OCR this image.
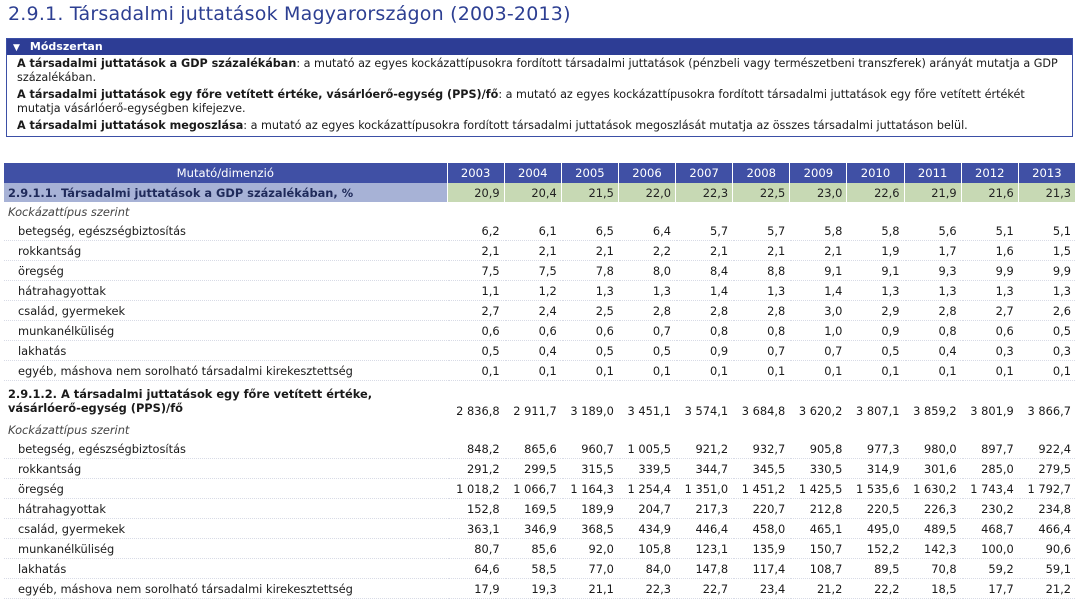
2.9.1. Társadalmi juttatások Magyarországon (2003-2013)
▼ Módszertan

A társadalmi juttatások a GDP százalékában: a mutató az egyes kockázattípusokra fordított társadalmi juttatások (pénzbeli vagy természetbeni transzferek) arányát mutatja a GDP százalékában.

A társadalmi juttatások egy főre vetített értéke, vásárlóerő-egység (PPS)/fő: a mutató az egyes kockázattípusokra fordított társadalmi juttatások egy főre vetített értékét mutatja vásárlóerő-egységben kifejezve.

A társadalmi juttatások megoszlása: a mutató az egyes kockázattípusokra fordított társadalmi juttatások megoszlását mutatja az összes társadalmi juttatáson belül.

Mutató/dimenzió	2003	2004	2005	2006	2007	2008	2009	2010	2011	2012	2013
2.9.1.1. Társadalmi juttatások a GDP százalékában, %	20,9	20,4	21,5	22,0	22,3	22,5	23,0	22,6	21,9	21,6	21,3
Kockázattípus szerint											
betegség, egészségbiztosítás	6,2	6,1	6,5	6,4	5,7	5,7	5,8	5,8	5,6	5,1	5,1
rokkantság	2,1	2,1	2,1	2,2	2,1	2,1	2,1	1,9	1,7	1,6	1,5
öregség	7,5	7,5	7,8	8,0	8,4	8,8	9,1	9,1	9,3	9,9	9,9
hátrahagyottak	1,1	1,2	1,3	1,3	1,4	1,3	1,4	1,3	1,3	1,3	1,3
család, gyermekek	2,7	2,4	2,5	2,8	2,8	2,8	3,0	2,9	2,8	2,7	2,6
munkanélküliség	0,6	0,6	0,6	0,7	0,8	0,8	1,0	0,9	0,8	0,6	0,5
lakhatás	0,5	0,4	0,5	0,5	0,9	0,7	0,7	0,5	0,4	0,3	0,3
egyéb, máshova nem sorolható társadalmi kirekesztettség	0,1	0,1	0,1	0,1	0,1	0,1	0,1	0,1	0,1	0,1	0,1
2.9.1.2. A társadalmi juttatások egy főre vetített értéke, vásárlóerő-egység (PPS)/fő	2 836,8	2 911,7	3 189,0	3 451,1	3 574,1	3 684,8	3 620,2	3 807,1	3 859,2	3 801,9	3 866,7
Kockázattípus szerint											
betegség, egészségbiztosítás	848,2	865,6	960,7	1 005,5	921,2	932,7	905,8	977,3	980,0	897,7	922,4
rokkantság	291,2	299,5	315,5	339,5	344,7	345,5	330,5	314,9	301,6	285,0	279,5
öregség	1 018,2	1 066,7	1 164,3	1 254,4	1 351,0	1 451,2	1 425,5	1 535,6	1 630,2	1 743,4	1 792,7
hátrahagyottak	152,8	169,5	189,9	204,7	217,3	220,7	212,8	220,5	226,3	230,2	234,8
család, gyermekek	363,1	346,9	368,5	434,9	446,4	458,0	465,1	495,0	489,5	468,7	466,4
munkanélküliség	80,7	85,6	92,0	105,8	123,1	135,9	150,7	152,2	142,3	100,0	90,6
lakhatás	64,6	58,5	77,0	84,0	147,8	117,4	108,7	89,5	70,8	59,2	59,1
egyéb, máshova nem sorolható társadalmi kirekesztettség	17,9	19,3	21,1	22,3	22,7	23,4	21,2	22,2	18,5	17,7	21,2
